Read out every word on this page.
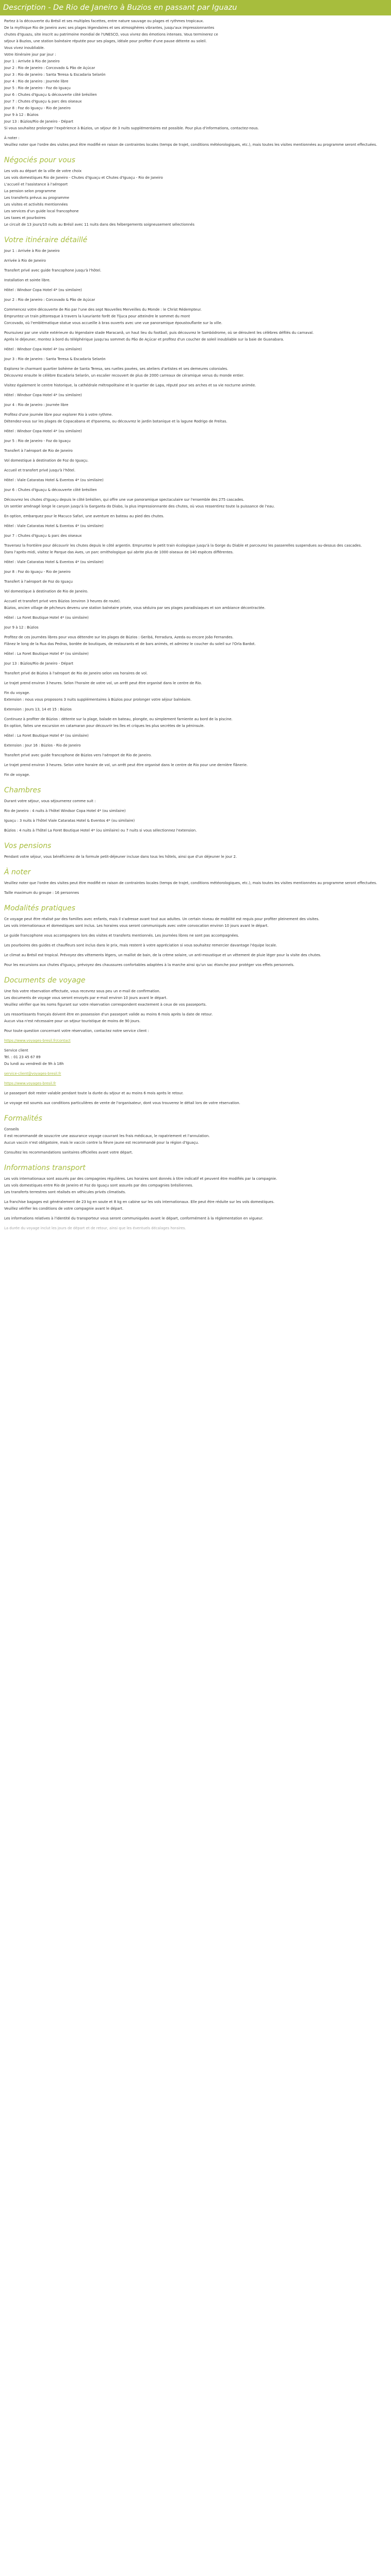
Description - De Rio de Janeiro à Buzios en passant par Iguazu

Partez à la découverte du Brésil et ses multiples facettes, entre nature sauvage ou plages et rythmes tropicaux.

De la mythique Rio de Janeiro avec ses plages légendaires et ses atmosphères vibrantes, jusqu'aux impressionnantes

chutes d'Iguazu, site inscrit au patrimoine mondial de l'UNESCO, vous vivrez des émotions intenses. Vous terminerez ce

séjour à Buzios, une station balnéaire réputée pour ses plages, idéale pour profiter d'une pause détente au soleil.

Vous vivez inoubliable.

Votre itinéraire jour par jour :

Jour 1 : Arrivée à Rio de Janeiro

Jour 2 : Rio de Janeiro : Corcovado & Pão de Açúcar

Jour 3 : Rio de Janeiro : Santa Teresa & Escadaria Selarón

Jour 4 : Rio de Janeiro : Journée libre

Jour 5 : Rio de Janeiro - Foz do Iguaçu

Jour 6 : Chutes d'Iguaçu & découverte côté brésilien

Jour 7 : Chutes d'Iguaçu & parc des oiseaux

Jour 8 : Foz do Iguaçu - Rio de Janeiro

Jour 9 à 12 : Búzios

Jour 13 : Búzios/Rio de Janeiro - Départ

Si vous souhaitez prolonger l'expérience à Búzios, un séjour de 3 nuits supplémentaires est possible. Pour plus d'informations, contactez-nous.

À noter :

Veuillez noter que l'ordre des visites peut être modifié en raison de contraintes locales (temps de trajet, conditions météorologiques, etc.), mais toutes les visites mentionnées au programme seront effectuées.

Négociés pour vous

Les vols au départ de la ville de votre choix

Les vols domestiques Rio de Janeiro - Chutes d'Iguaçu et Chutes d'Iguaçu - Rio de Janeiro

L'accueil et l'assistance à l'aéroport

La pension selon programme

Les transferts prévus au programme

Les visites et activités mentionnées

Les services d'un guide local francophone

Les taxes et pourboires

Le circuit de 13 jours/10 nuits au Brésil avec 11 nuits dans des hébergements soigneusement sélectionnés

Votre itinéraire détaillé

Jour 1 : Arrivée à Rio de Janeiro

Arrivée à Rio de Janeiro

Transfert privé avec guide francophone jusqu'à l'hôtel.

Installation et soirée libre.

Hôtel : Windsor Copa Hotel 4* (ou similaire)

Jour 2 : Rio de Janeiro : Corcovado & Pão de Açúcar

Commencez votre découverte de Rio par l'une des sept Nouvelles Merveilles du Monde : le Christ Rédempteur.

Empruntez un train pittoresque à travers la luxuriante forêt de Tijuca pour atteindre le sommet du mont

Corcovado, où l'emblématique statue vous accueille à bras ouverts avec une vue panoramique époustouflante sur la ville.

Poursuivez par une visite extérieure du légendaire stade Maracanã, un haut lieu du football, puis découvrez le Sambódrome, où se déroulent les célèbres défilés du carnaval.

Après le déjeuner, montez à bord du téléphérique jusqu'au sommet du Pão de Açúcar et profitez d'un coucher de soleil inoubliable sur la baie de Guanabara.

Hôtel : Windsor Copa Hotel 4* (ou similaire)

Jour 3 : Rio de Janeiro : Santa Teresa & Escadaria Selarón

Explorez le charmant quartier bohème de Santa Teresa, ses ruelles pavées, ses ateliers d'artistes et ses demeures coloniales.

Découvrez ensuite le célèbre Escadaria Selarón, un escalier recouvert de plus de 2000 carreaux de céramique venus du monde entier.

Visitez également le centre historique, la cathédrale métropolitaine et le quartier de Lapa, réputé pour ses arches et sa vie nocturne animée.

Hôtel : Windsor Copa Hotel 4* (ou similaire)

Jour 4 : Rio de Janeiro : Journée libre

Profitez d'une journée libre pour explorer Rio à votre rythme.

Détendez-vous sur les plages de Copacabana et d'Ipanema, ou découvrez le jardin botanique et la lagune Rodrigo de Freitas.

Hôtel : Windsor Copa Hotel 4* (ou similaire)

Jour 5 : Rio de Janeiro - Foz do Iguaçu

Transfert à l'aéroport de Rio de Janeiro

Vol domestique à destination de Foz do Iguaçu.

Accueil et transfert privé jusqu'à l'hôtel.

Hôtel : Viale Cataratas Hotel & Eventos 4* (ou similaire)

Jour 6 : Chutes d'Iguaçu & découverte côté brésilien

Découvrez les chutes d'Iguaçu depuis le côté brésilien, qui offre une vue panoramique spectaculaire sur l'ensemble des 275 cascades.

Un sentier aménagé longe le canyon jusqu'à la Garganta do Diabo, la plus impressionnante des chutes, où vous ressentirez toute la puissance de l'eau.

En option, embarquez pour le Macuco Safari, une aventure en bateau au pied des chutes.

Hôtel : Viale Cataratas Hotel & Eventos 4* (ou similaire)

Jour 7 : Chutes d'Iguaçu & parc des oiseaux

Traversez la frontière pour découvrir les chutes depuis le côté argentin. Empruntez le petit train écologique jusqu'à la Gorge du Diable et parcourez les passerelles suspendues au-dessus des cascades.

Dans l'après-midi, visitez le Parque das Aves, un parc ornithologique qui abrite plus de 1000 oiseaux de 140 espèces différentes.

Hôtel : Viale Cataratas Hotel & Eventos 4* (ou similaire)

Jour 8 : Foz do Iguaçu - Rio de Janeiro

Transfert à l'aéroport de Foz do Iguaçu

Vol domestique à destination de Rio de Janeiro.

Accueil et transfert privé vers Búzios (environ 3 heures de route).

Búzios, ancien village de pêcheurs devenu une station balnéaire prisée, vous séduira par ses plages paradisiaques et son ambiance décontractée.

Hôtel : La Foret Boutique Hotel 4* (ou similaire)

Jour 9 à 12 : Búzios

Profitez de ces journées libres pour vous détendre sur les plages de Búzios : Geribá, Ferradura, Azeda ou encore João Fernandes.

Flânez le long de la Rua das Pedras, bordée de boutiques, de restaurants et de bars animés, et admirez le coucher du soleil sur l'Orla Bardot.

Hôtel : La Foret Boutique Hotel 4* (ou similaire)

Jour 13 : Búzios/Rio de Janeiro - Départ

Transfert privé de Búzios à l'aéroport de Rio de Janeiro selon vos horaires de vol.

Le trajet prend environ 3 heures. Selon l'horaire de votre vol, un arrêt peut être organisé dans le centre de Rio.

Fin du voyage.

Extension : nous vous proposons 3 nuits supplémentaires à Búzios pour prolonger votre séjour balnéaire.

Extension : Jours 13, 14 et 15 : Búzios

Continuez à profiter de Búzios : détente sur la plage, balade en bateau, plongée, ou simplement farniente au bord de la piscine.

En option, faites une excursion en catamaran pour découvrir les îles et criques les plus secrètes de la péninsule.

Hôtel : La Foret Boutique Hotel 4* (ou similaire)

Extension : Jour 16 : Búzios - Rio de Janeiro

Transfert privé avec guide francophone de Búzios vers l'aéroport de Rio de Janeiro.

Le trajet prend environ 3 heures. Selon votre horaire de vol, un arrêt peut être organisé dans le centre de Rio pour une dernière flânerie.

Fin de voyage.

Chambres

Durant votre séjour, vous séjournerez comme suit :

Rio de Janeiro : 4 nuits à l'hôtel Windsor Copa Hotel 4* (ou similaire)

Iguaçu : 3 nuits à l'hôtel Viale Cataratas Hotel & Eventos 4* (ou similaire)

Búzios : 4 nuits à l'hôtel La Foret Boutique Hotel 4* (ou similaire) ou 7 nuits si vous sélectionnez l'extension.

Vos pensions

Pendant votre séjour, vous bénéficierez de la formule petit-déjeuner incluse dans tous les hôtels, ainsi que d'un déjeuner le jour 2.

À noter

Veuillez noter que l'ordre des visites peut être modifié en raison de contraintes locales (temps de trajet, conditions météorologiques, etc.), mais toutes les visites mentionnées au programme seront effectuées.

Taille maximum du groupe : 16 personnes

Modalités pratiques

Ce voyage peut être réalisé par des familles avec enfants, mais il s'adresse avant tout aux adultes. Un certain niveau de mobilité est requis pour profiter pleinement des visites.

Les vols internationaux et domestiques sont inclus. Les horaires vous seront communiqués avec votre convocation environ 10 jours avant le départ.

Le guide francophone vous accompagnera lors des visites et transferts mentionnés. Les journées libres ne sont pas accompagnées.

Les pourboires des guides et chauffeurs sont inclus dans le prix, mais restent à votre appréciation si vous souhaitez remercier davantage l'équipe locale.

Le climat au Brésil est tropical. Prévoyez des vêtements légers, un maillot de bain, de la crème solaire, un anti-moustique et un vêtement de pluie léger pour la visite des chutes.

Pour les excursions aux chutes d'Iguaçu, prévoyez des chaussures confortables adaptées à la marche ainsi qu'un sac étanche pour protéger vos effets personnels.

Documents de voyage

Une fois votre réservation effectuée, vous recevrez sous peu un e-mail de confirmation.

Les documents de voyage vous seront envoyés par e-mail environ 10 jours avant le départ.

Veuillez vérifier que les noms figurant sur votre réservation correspondent exactement à ceux de vos passeports.

Les ressortissants français doivent être en possession d'un passeport valide au moins 6 mois après la date de retour.

Aucun visa n'est nécessaire pour un séjour touristique de moins de 90 jours.

Pour toute question concernant votre réservation, contactez notre service client :

https://www.voyages-bresil.fr/contact

Service client

Tél. : 01 23 45 67 89

Du lundi au vendredi de 9h à 18h

service-client@voyages-bresil.fr
https://www.voyages-bresil.fr

Le passeport doit rester valable pendant toute la durée du séjour et au moins 6 mois après le retour.

Le voyage est soumis aux conditions particulières de vente de l'organisateur, dont vous trouverez le détail lors de votre réservation.

Formalités

Conseils

Il est recommandé de souscrire une assurance voyage couvrant les frais médicaux, le rapatriement et l'annulation.

Aucun vaccin n'est obligatoire, mais le vaccin contre la fièvre jaune est recommandé pour la région d'Iguaçu.

Consultez les recommandations sanitaires officielles avant votre départ.

Informations transport

Les vols internationaux sont assurés par des compagnies régulières. Les horaires sont donnés à titre indicatif et peuvent être modifiés par la compagnie.

Les vols domestiques entre Rio de Janeiro et Foz do Iguaçu sont assurés par des compagnies brésiliennes.

Les transferts terrestres sont réalisés en véhicules privés climatisés.

La franchise bagages est généralement de 23 kg en soute et 8 kg en cabine sur les vols internationaux. Elle peut être réduite sur les vols domestiques.

Veuillez vérifier les conditions de votre compagnie avant le départ.

Les informations relatives à l'identité du transporteur vous seront communiquées avant le départ, conformément à la réglementation en vigueur.

La durée du voyage inclut les jours de départ et de retour, ainsi que les éventuels décalages horaires.
